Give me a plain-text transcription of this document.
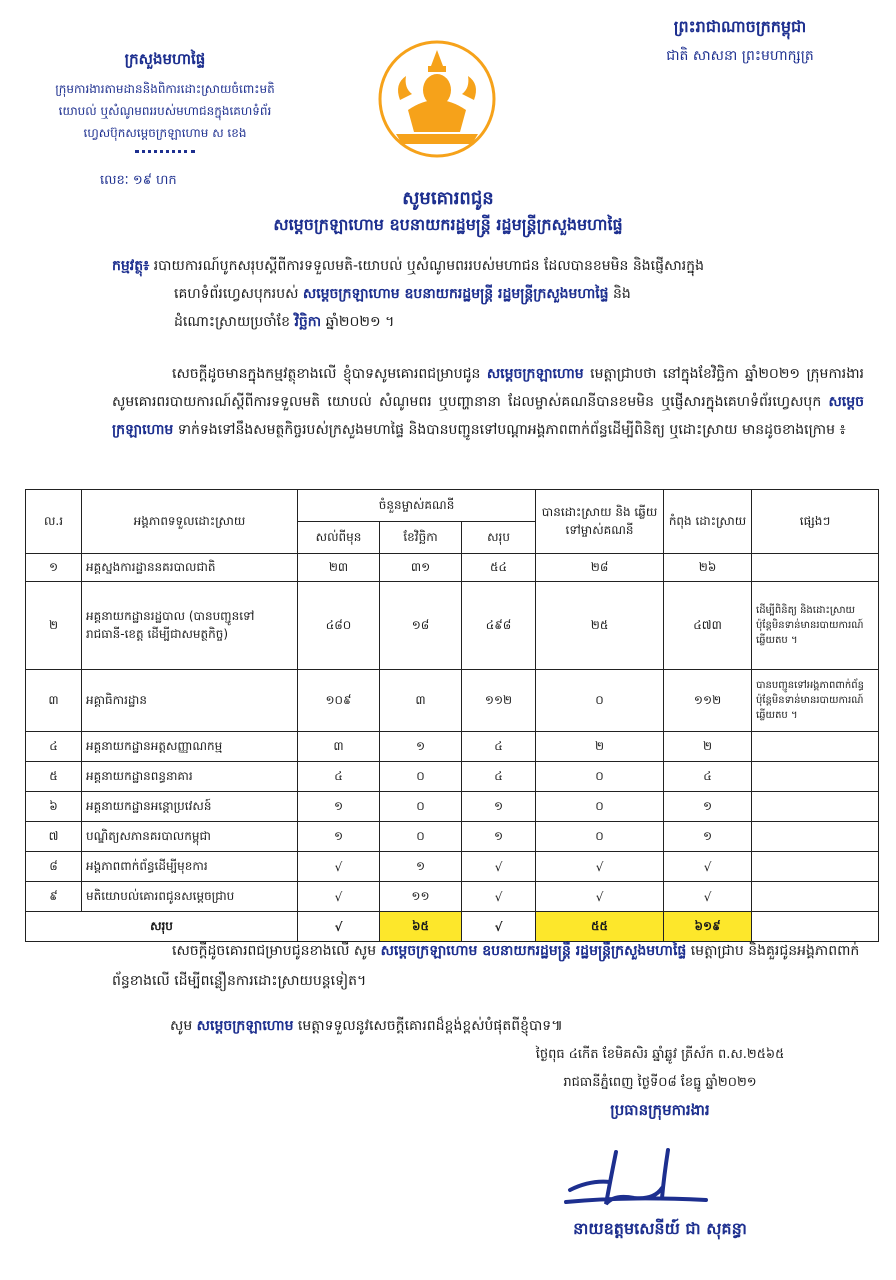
ក្រសួងមហាផ្ទៃ
ក្រុមការងារតាមដាននិងពិការដោះស្រាយចំពោះមតិ
យោបល់ ឬសំណូមពររបស់មហាជនក្នុងគេហទំព័រ
ហ្វេសប៊ុកសម្តេចក្រឡាហោម ស ខេង
លេខៈ ១៩ ហក
ព្រះរាជាណាចក្រកម្ពុជា
ជាតិ សាសនា ព្រះមហាក្សត្រ
សូមគោរពជូន
សម្តេចក្រឡាហោម ឧបនាយករដ្ឋមន្ត្រី រដ្ឋមន្ត្រីក្រសួងមហាផ្ទៃ
កម្មវត្ថុ៖ របាយការណ៍បូកសរុបស្តីពីការទទួលមតិ-យោបល់ ឬសំណូមពររបស់មហាជន ដែលបានខមមិន និងផ្ញើសារក្នុង
គេហទំព័រហ្វេសបុករបស់ សម្តេចក្រឡាហោម ឧបនាយករដ្ឋមន្ត្រី រដ្ឋមន្ត្រីក្រសួងមហាផ្ទៃ និង
ដំណោះស្រាយប្រចាំខែ វិច្ឆិកា ឆ្នាំ២០២១ ។
សេចក្តីដូចមានក្នុងកម្មវត្ថុខាងលើ ខ្ញុំបាទសូមគោរពជម្រាបជូន សម្តេចក្រឡាហោម មេត្តាជ្រាបថា នៅក្នុងខែវិច្ឆិកា ឆ្នាំ២០២១ ក្រុមការងារសូមគោរពរបាយការណ៍ស្តីពីការទទួលមតិ យោបល់ សំណូមពរ ឬបញ្ហានានា ដែលម្ចាស់គណនីបានខមមិន ឬផ្ញើសារក្នុងគេហទំព័រហ្វេសបុក សម្តេចក្រឡាហោម ទាក់ទងទៅនឹងសមត្ថកិច្ចរបស់ក្រសួងមហាផ្ទៃ និងបានបញ្ជូនទៅបណ្តាអង្គភាពពាក់ព័ន្ធដើម្បីពិនិត្យ ឬដោះស្រាយ មានដូចខាងក្រោម ៖
ល.រ	អង្គភាពទទួលដោះស្រាយ	ចំនួនម្ចាស់គណនី			បានដោះស្រាយ និង ឆ្លើយទៅម្ចាស់គណនី	កំពុង ដោះស្រាយ	ផ្សេងៗ
		សល់ពីមុន	ខែវិច្ឆិកា	សរុប			
១	អគ្គស្នងការដ្ឋាននគរបាលជាតិ	២៣	៣១	៥៤	២៨	២៦	
២	អគ្គនាយកដ្ឋានរដ្ឋបាល (បានបញ្ជូនទៅរាជធានី-ខេត្ត ដើម្បីជាសមត្ថកិច្ច)	៤៨០	១៨	៤៩៨	២៥	៤៧៣	ដើម្បីពិនិត្យ និងដោះស្រាយ ប៉ុន្តែមិនទាន់មានរបាយការណ៍ ឆ្លើយតប ។
៣	អគ្គាធិការដ្ឋាន	១០៩	៣	១១២	០	១១២	បានបញ្ជូនទៅអង្គភាពពាក់ព័ន្ធ ប៉ុន្តែមិនទាន់មានរបាយការណ៍ ឆ្លើយតប ។
៤	អគ្គនាយកដ្ឋានអត្តសញ្ញាណកម្ម	៣	១	៤	២	២	
៥	អគ្គនាយកដ្ឋានពន្ធនាគារ	៤	០	៤	០	៤	
៦	អគ្គនាយកដ្ឋានអន្តោប្រវេសន៍	១	០	១	០	១	
៧	បណ្ឌិត្យសភានគរបាលកម្ពុជា	១	០	១	០	១	
៨	អង្គភាពពាក់ព័ន្ធដើម្បីមុខការ	√	១	√	√	√	
៩	មតិយោបល់គោរពជូនសម្តេចជ្រាប	√	១១	√	√	√	
សរុប		√	៦៥	√	៥៥	៦១៩	
សេចក្តីដូចគោរពជម្រាបជូនខាងលើ សូម សម្តេចក្រឡាហោម ឧបនាយករដ្ឋមន្ត្រី រដ្ឋមន្ត្រីក្រសួងមហាផ្ទៃ មេត្តាជ្រាប និងគួរជូនអង្គភាពពាក់ព័ន្ធខាងលើ ដើម្បីពន្លឿនការដោះស្រាយបន្តទៀត។
សូម សម្តេចក្រឡាហោម មេត្តាទទួលនូវសេចក្តីគោរពដ៏ខ្ពង់ខ្ពស់បំផុតពីខ្ញុំបាទ៕
ថ្ងៃពុធ ៤កើត ខែមិគសិរ ឆ្នាំឆ្លូវ ត្រីស័ក ព.ស.២៥៦៥
រាជធានីភ្នំពេញ ថ្ងៃទី០៨ ខែធ្នូ ឆ្នាំ២០២១
ប្រធានក្រុមការងារ
នាយឧត្តមសេនីយ៍ ជា សុគន្ធា
